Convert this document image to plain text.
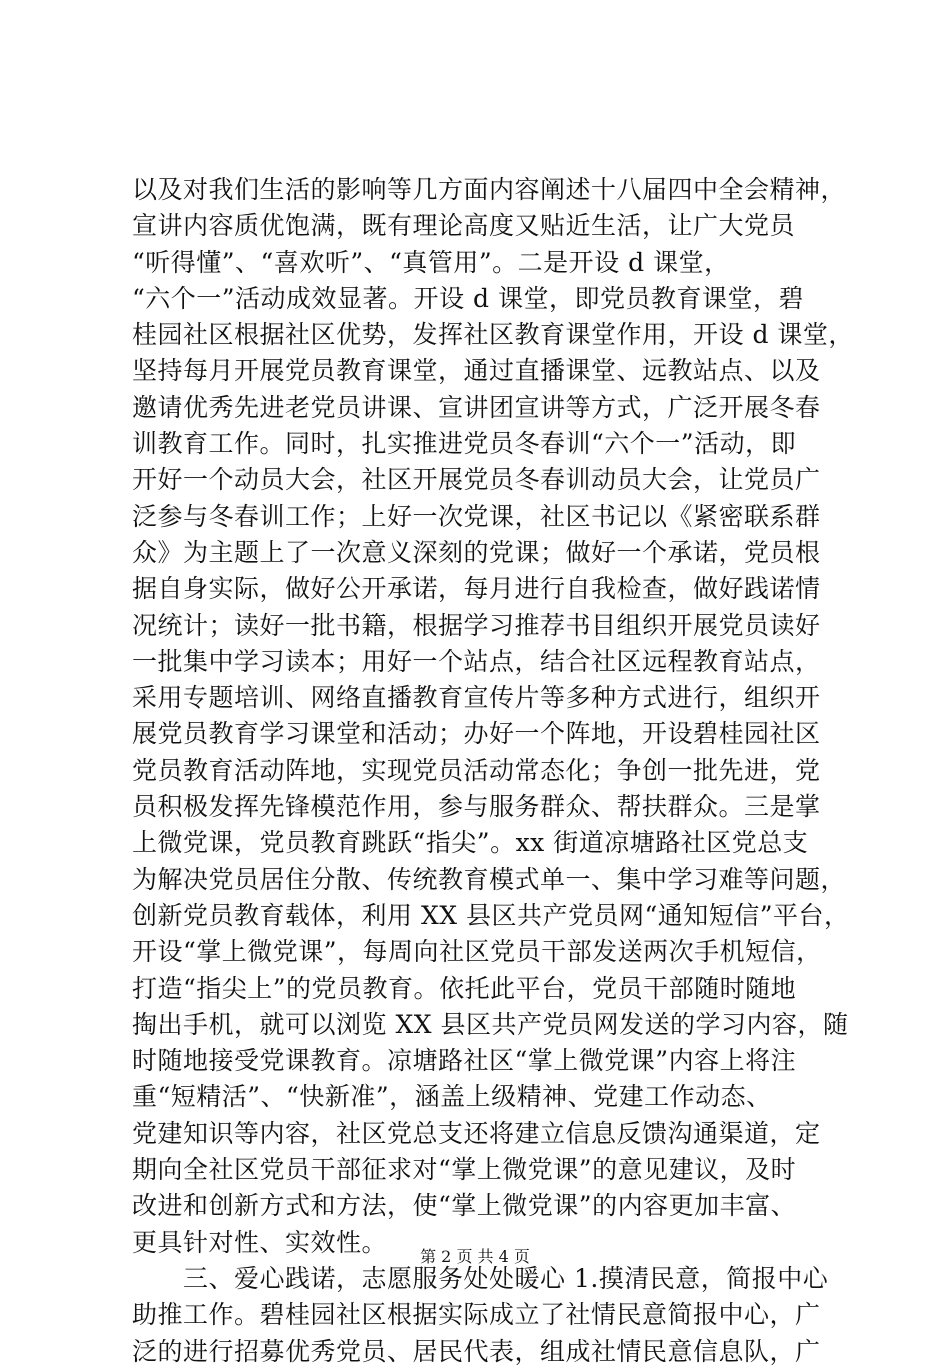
以及对我们生活的影响等几方面内容阐述十八届四中全会精神，
宣讲内容质优饱满，既有理论高度又贴近生活，让广大党员
“听得懂”、“喜欢听”、“真管用”。二是开设 d 课堂，
“六个一”活动成效显著。开设 d 课堂，即党员教育课堂，碧
桂园社区根据社区优势，发挥社区教育课堂作用，开设 d 课堂，
坚持每月开展党员教育课堂，通过直播课堂、远教站点、以及
邀请优秀先进老党员讲课、宣讲团宣讲等方式，广泛开展冬春
训教育工作。同时，扎实推进党员冬春训“六个一”活动，即
开好一个动员大会，社区开展党员冬春训动员大会，让党员广
泛参与冬春训工作；上好一次党课，社区书记以《紧密联系群
众》为主题上了一次意义深刻的党课；做好一个承诺，党员根
据自身实际，做好公开承诺，每月进行自我检查，做好践诺情
况统计；读好一批书籍，根据学习推荐书目组织开展党员读好
一批集中学习读本；用好一个站点，结合社区远程教育站点，
采用专题培训、网络直播教育宣传片等多种方式进行，组织开
展党员教育学习课堂和活动；办好一个阵地，开设碧桂园社区
党员教育活动阵地，实现党员活动常态化；争创一批先进，党
员积极发挥先锋模范作用，参与服务群众、帮扶群众。三是掌
上微党课，党员教育跳跃“指尖”。xx 街道凉塘路社区党总支
为解决党员居住分散、传统教育模式单一、集中学习难等问题，
创新党员教育载体，利用 XX 县区共产党员网“通知短信”平台，
开设“掌上微党课”，每周向社区党员干部发送两次手机短信，
打造“指尖上”的党员教育。依托此平台，党员干部随时随地
掏出手机，就可以浏览 XX 县区共产党员网发送的学习内容，随
时随地接受党课教育。凉塘路社区“掌上微党课”内容上将注
重“短精活”、“快新准”，涵盖上级精神、党建工作动态、
党建知识等内容，社区党总支还将建立信息反馈沟通渠道，定
期向全社区党员干部征求对“掌上微党课”的意见建议，及时
改进和创新方式和方法，使“掌上微党课”的内容更加丰富、
更具针对性、实效性。
　　三、爱心践诺，志愿服务处处暖心 1.摸清民意，简报中心
助推工作。碧桂园社区根据实际成立了社情民意简报中心，广
泛的进行招募优秀党员、居民代表，组成社情民意信息队，广
第 2 页 共 4 页
